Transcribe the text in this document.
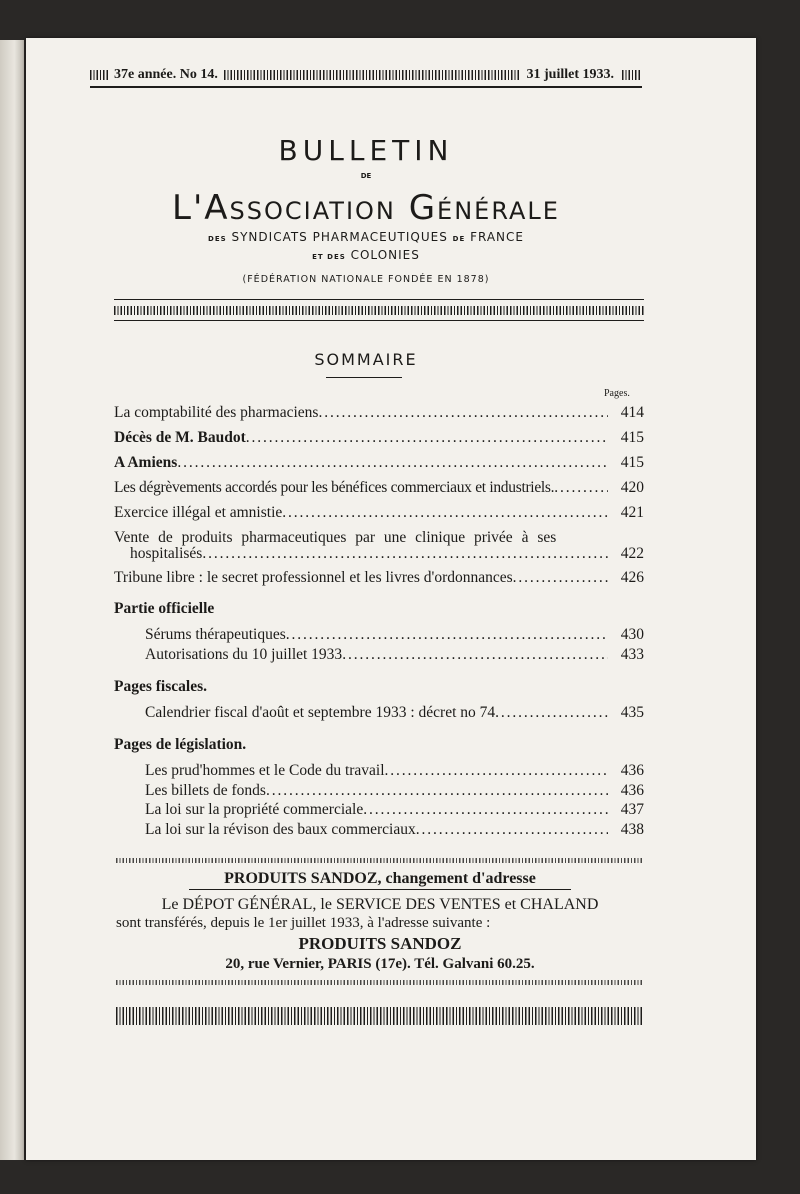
37e année. No 14.	31 juillet 1933.
BULLETIN
DE
L'Association Générale
DES SYNDICATS PHARMACEUTIQUES DE FRANCE
ET DES COLONIES
(FÉDÉRATION NATIONALE FONDÉE EN 1878)
SOMMAIRE
Pages.
La comptabilité des pharmaciens . . .	414
Décès de M. Baudot . . .	415
A Amiens . . .	415
Les dégrèvements accordés pour les bénéfices commerciaux et industriels. . . .	420
Exercice illégal et amnistie . . .	421
Vente de produits pharmaceutiques par une clinique privée à ses
hospitalisés . . .	422
Tribune libre : le secret professionnel et les livres d'ordonnances . . .	426
Partie officielle
Sérums thérapeutiques . . .	430
Autorisations du 10 juillet 1933 . . .	433
Pages fiscales.
Calendrier fiscal d'août et septembre 1933 : décret no 74 . . .	435
Pages de législation.
Les prud'hommes et le Code du travail . . .	436
Les billets de fonds . . .	436
La loi sur la propriété commerciale . . .	437
La loi sur la révison des baux commerciaux . . .	438
PRODUITS SANDOZ, changement d'adresse
Le DÉPOT GÉNÉRAL, le SERVICE DES VENTES et CHALAND
sont transférés, depuis le 1er juillet 1933, à l'adresse suivante :
PRODUITS SANDOZ
20, rue Vernier, PARIS (17e). Tél. Galvani 60.25.
